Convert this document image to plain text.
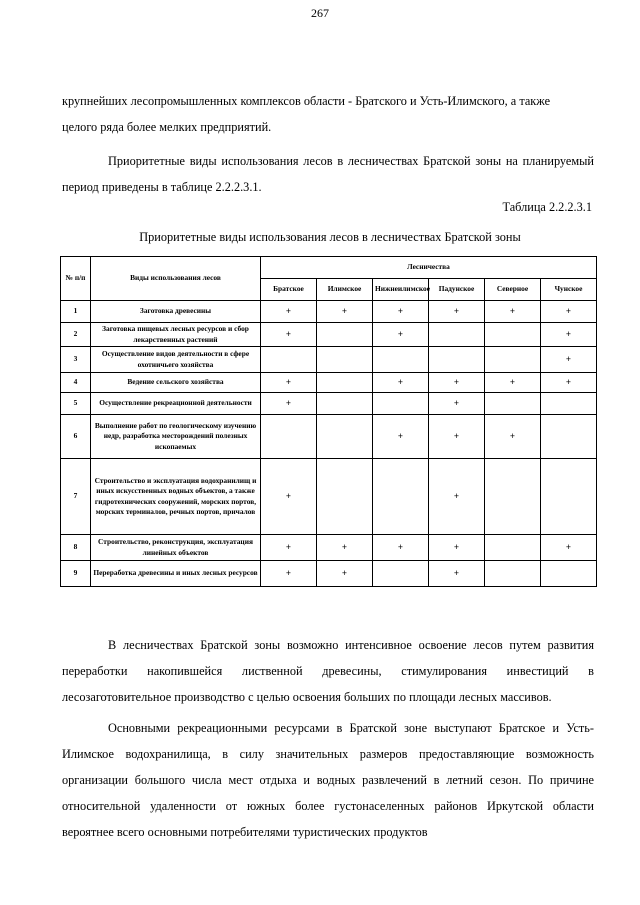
267

крупнейших лесопромышленных комплексов области - Братского и Усть-Илимского, а также
целого ряда более мелких предприятий.

Приоритетные виды использования лесов в лесничествах Братской зоны на планируемый период приведены в таблице 2.2.2.3.1.

Таблица 2.2.2.3.1
Приоритетные виды использования лесов в лесничествах Братской зоны
№ п/п	Виды использования лесов	Лесничества					
		Братское	Илимское	Нижнеилимское	Падунское	Северное	Чунское
1	Заготовка древесины	+	+	+	+	+	+
2	Заготовка пищевых лесных ресурсов и сбор лекарственных растений	+		+			+
3	Осуществление видов деятельности в сфере охотничьего хозяйства						+
4	Ведение сельского хозяйства	+		+	+	+	+
5	Осуществление рекреационной деятельности	+			+		
6	Выполнение работ по геологическому изучению недр, разработка месторождений полезных ископаемых			+	+	+	
7	Строительство и эксплуатация водохранилищ и иных искусственных водных объектов, а также гидротехнических сооружений, морских портов, морских терминалов, речных портов, причалов	+			+		
8	Строительство, реконструкция, эксплуатация линейных объектов	+	+	+	+		+
9	Переработка древесины и иных лесных ресурсов	+	+		+		

В лесничествах Братской зоны возможно интенсивное освоение лесов путем развития переработки накопившейся лиственной древесины, стимулирования инвестиций в лесозаготовительное производство с целью освоения больших по площади лесных массивов.

Основными рекреационными ресурсами в Братской зоне выступают Братское и Усть-Илимское водохранилища, в силу значительных размеров предоставляющие возможность организации большого числа мест отдыха и водных развлечений в летний сезон. По причине относительной удаленности от южных более густонаселенных районов Иркутской области вероятнее всего основными потребителями туристических продуктов
